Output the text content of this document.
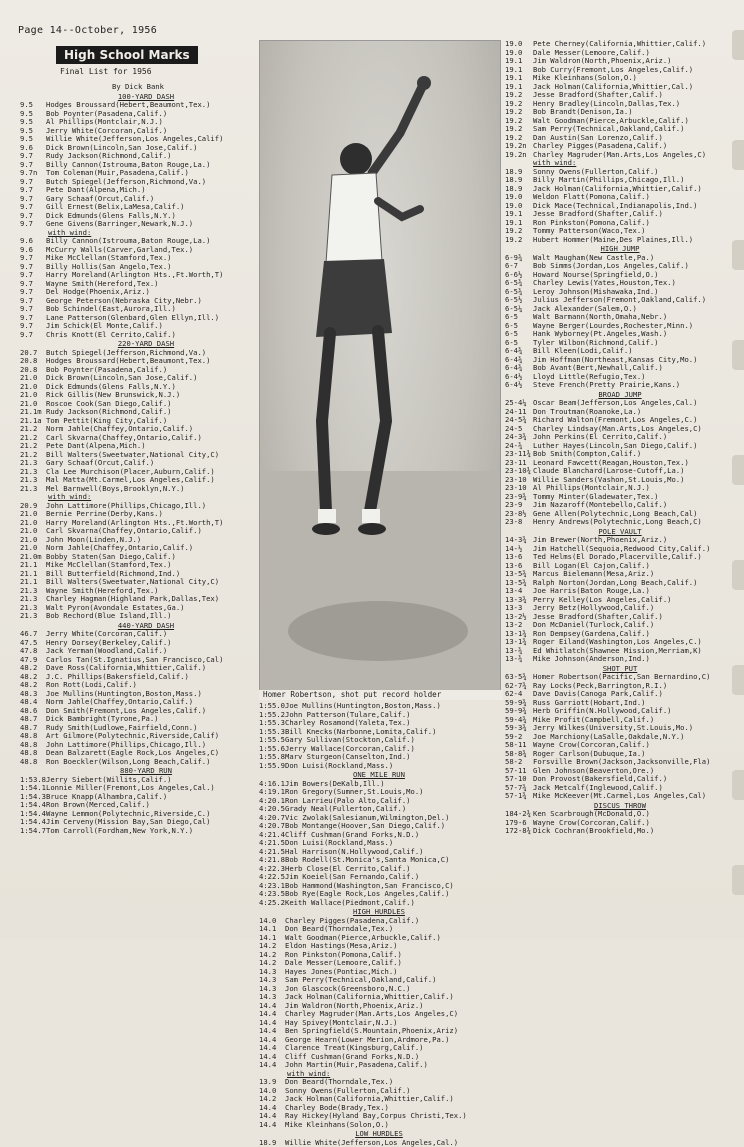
Page 14--October, 1956
High School Marks
Final List for 1956
By Dick Bank
100-YARD DASH
9.5 Hodges Broussard(Hebert,Beaumont,Tex.)
9.5 Bob Poynter(Pasadena,Calif.)
9.5 Al Phillips(Montclair,N.J.)
9.5 Jerry White(Corcoran,Calif.)
9.5 Willie White(Jefferson,Los Angeles,Calif)
9.6 Dick Brown(Lincoln,San Jose,Calif.)
9.7 Rudy Jackson(Richmond,Calif.)
9.7 Billy Cannon(Istrouma,Baton Rouge,La.)
9.7n Tom Coleman(Muir,Pasadena,Calif.)
9.7 Butch Spiegel(Jefferson,Richmond,Va.)
9.7 Pete Dant(Alpena,Mich.)
9.7 Gary Schaaf(Orcut,Calif.)
9.7 Gill Ernest(Belix,LaMesa,Calif.)
9.7 Dick Edmunds(Glens Falls,N.Y.)
9.7 Gene Givens(Barringer,Newark,N.J.)
with wind:
9.6 Billy Cannon(Istrouma,Baton Rouge,La.)
9.6 McCurry Walls(Carver,Garland,Tex.)
9.7 Mike McClellan(Stamford,Tex.)
9.7 Billy Hollis(San Angelo,Tex.)
9.7 Harry Moreland(Arlington Hts.,Ft.Worth,T)
9.7 Wayne Smith(Hereford,Tex.)
9.7 Del Hodge(Phoenix,Ariz.)
9.7 George Peterson(Nebraska City,Nebr.)
9.7 Bob Schindel(East,Aurora,Ill.)
9.7 Lane Patterson(Glenbard,Glen Ellyn,Ill.)
9.7 Jim Schick(El Monte,Calif.)
9.7 Chris Knott(El Cerrito,Calif.)
220-YARD DASH
20.7 Butch Spiegel(Jefferson,Richmond,Va.)
20.8 Hodges Broussard(Hebert,Beaumont,Tex.)
20.8 Bob Poynter(Pasadena,Calif.)
21.0 Dick Brown(Lincoln,San Jose,Calif.)
21.0 Dick Edmunds(Glens Falls,N.Y.)
21.0 Rick Gillis(New Brunswick,N.J.)
21.0 Roscoe Cook(San Diego,Calif.)
21.1m Rudy Jackson(Richmond,Calif.)
21.1a Tom Pettit(King City,Calif.)
21.2 Norm Jahle(Chaffey,Ontario,Calif.)
21.2 Carl Skvarna(Chaffey,Ontario,Calif.)
21.2 Pete Dant(Alpena,Mich.)
21.2 Bill Walters(Sweetwater,National City,C)
21.3 Gary Schaaf(Orcut,Calif.)
21.3 Cla Lee Murchison(Placer,Auburn,Calif.)
21.3 Mal Matta(Mt.Carmel,Los Angeles,Calif.)
21.3 Mel Barnwell(Boys,Brooklyn,N.Y.)
with wind:
20.9 John Lattimore(Phillips,Chicago,Ill.)
21.0 Bernie Perrine(Derby,Kans.)
21.0 Harry Moreland(Arlington Hts.,Ft.Worth,T)
21.0 Carl Skvarna(Chaffey,Ontario,Calif.)
21.0 John Moon(Linden,N.J.)
21.0 Norm Jahle(Chaffey,Ontario,Calif.)
21.0m Bobby Staten(San Diego,Calif.)
21.1 Mike McClellan(Stamford,Tex.)
21.1 Bill Butterfield(Richmond,Ind.)
21.1 Bill Walters(Sweetwater,National City,C)
21.3 Wayne Smith(Hereford,Tex.)
21.3 Charley Hagman(Highland Park,Dallas,Tex)
21.3 Walt Pyron(Avondale Estates,Ga.)
21.3 Bob Rechord(Blue Island,Ill.)
440-YARD DASH
46.7 Jerry White(Corcoran,Calif.)
47.5 Henry Dorsey(Berkeley,Calif.)
47.8 Jack Yerman(Woodland,Calif.)
47.9 Carlos Tan(St.Ignatius,San Francisco,Cal)
48.2 Dave Ross(California,Whittier,Calif.)
48.2 J.C. Phillips(Bakersfield,Calif.)
48.2 Ron Rott(Lodi,Calif.)
48.3 Joe Mullins(Huntington,Boston,Mass.)
48.4 Norm Jahle(Chaffey,Ontario,Calif.)
48.6 Don Smith(Fremont,Los Angeles,Calif.)
48.7 Dick Bambright(Tyrone,Pa.)
48.7 Rudy Smith(Ludlowe,Fairfield,Conn.)
48.8 Art Gilmore(Polytechnic,Riverside,Calif)
48.8 John Lattimore(Phillips,Chicago,Ill.)
48.8 Dean Balzarett(Eagle Rock,Los Angeles,C)
48.8 Ron Boeckler(Wilson,Long Beach,Calif.)
880-YARD RUN
1:53.8Jerry Siebert(Willits,Calif.)
1:54.1Lonnie Miller(Fremont,Los Angeles,Cal.)
1:54.3Bruce Knapp(Alhambra,Calif.)
1:54.4Ron Brown(Merced,Calif.)
1:54.4Wayne Lemmon(Polytechnic,Riverside,C.)
1:54.4Jim Cerveny(Mission Bay,San Diego,Cal)
1:54.7Tom Carroll(Fordham,New York,N.Y.)
Homer Robertson, shot put record holder
1:55.0Joe Mullins(Huntington,Boston,Mass.)
1:55.2John Patterson(Tulare,Calif.)
1:55.3Charley Rosamond(Yaleta,Tex.)
1:55.3Bill Knecks(Narbonne,Lomita,Calif.)
1:55.5Gary Sullivan(Stockton,Calif.)
1:55.6Jerry Wallace(Corcoran,Calif.)
1:55.8Marv Sturgeon(Canselton,Ind.)
1:55.9Don Luisi(Rockland,Mass.)
ONE MILE RUN
4:16.1Jim Bowers(DeKalb,Ill.)
4:19.1Ron Gregory(Sumner,St.Louis,Mo.)
4:20.1Ron Larrieu(Palo Alto,Calif.)
4:20.5Grady Neal(Fullerton,Calif.)
4:20.7Vic Zwolak(Salesianum,Wilmington,Del.)
4:20.7Bob Montange(Hoover,San Diego,Calif.)
4:21.4Cliff Cushman(Grand Forks,N.D.)
4:21.5Don Luisi(Rockland,Mass.)
4:21.5Hal Harrison(N.Hollywood,Calif.)
4:21.8Bob Rodell(St.Monica's,Santa Monica,C)
4:22.3Herb Close(El Cerrito,Calif.)
4:22.5Jim Koeiel(San Fernando,Calif.)
4:23.1Bob Hammond(Washington,San Francisco,C)
4:23.5Bob Rye(Eagle Rock,Los Angeles,Calif.)
4:25.2Keith Wallace(Piedmont,Calif.)
HIGH HURDLES
14.0 Charley Pigges(Pasadena,Calif.)
14.1 Don Beard(Thorndale,Tex.)
14.1 Walt Goodman(Pierce,Arbuckle,Calif.)
14.2 Eldon Hastings(Mesa,Ariz.)
14.2 Ron Pinkston(Pomona,Calif.)
14.2 Dale Messer(Lemoore,Calif.)
14.3 Hayes Jones(Pontiac,Mich.)
14.3 Sam Perry(Technical,Oakland,Calif.)
14.3 Jon Glascock(Greensboro,N.C.)
14.3 Jack Holman(California,Whittier,Calif.)
14.4 Jim Waldron(North,Phoenix,Ariz.)
14.4 Charley Magruder(Man.Arts,Los Angeles,C)
14.4 Hay Spivey(Montclair,N.J.)
14.4 Ben Springfield(S.Mountain,Phoenix,Ariz)
14.4 George Hearn(Lower Merion,Ardmore,Pa.)
14.4 Clarence Treat(Kingsburg,Calif.)
14.4 Cliff Cushman(Grand Forks,N.D.)
14.4 John Martin(Muir,Pasadena,Calif.)
with wind:
13.9 Don Beard(Thorndale,Tex.)
14.0 Sonny Owens(Fullerton,Calif.)
14.2 Jack Holman(California,Whittier,Calif.)
14.4 Charley Bode(Brady,Tex.)
14.4 Ray Hickey(Hyland Bay,Corpus Christi,Tex.)
14.4 Mike Kleinhans(Solon,O.)
LOW HURDLES
18.9 Willie White(Jefferson,Los Angeles,Cal.)
19.0 Pete Cherney(California,Whittier,Calif.)
19.0 Dale Messer(Lemoore,Calif.)
19.1 Jim Waldron(North,Phoenix,Ariz.)
19.1 Bob Curry(Fremont,Los Angeles,Calif.)
19.1 Mike Kleinhans(Solon,O.)
19.1 Jack Holman(California,Whittier,Cal.)
19.2 Jesse Bradford(Shafter,Calif.)
19.2 Henry Bradley(Lincoln,Dallas,Tex.)
19.2 Bob Brandt(Denison,Ia.)
19.2 Walt Goodman(Pierce,Arbuckle,Calif.)
19.2 Sam Perry(Technical,Oakland,Calif.)
19.2 Dan Austin(San Lorenzo,Calif.)
19.2n Charley Pigges(Pasadena,Calif.)
19.2n Charley Magruder(Man.Arts,Los Angeles,C)
with wind:
18.9 Sonny Owens(Fullerton,Calif.)
18.9 Billy Martin(Phillips,Chicago,Ill.)
18.9 Jack Holman(California,Whittier,Calif.)
19.0 Weldon Flatt(Pomona,Calif.)
19.0 Dick Mace(Technical,Indianapolis,Ind.)
19.1 Jesse Bradford(Shafter,Calif.)
19.1 Ron Pinkston(Pomona,Calif.)
19.2 Tommy Patterson(Waco,Tex.)
19.2 Hubert Hommer(Maine,Des Plaines,Ill.)
HIGH JUMP
6-9¾ Walt Maugham(New Castle,Pa.)
6-7 Bob Simms(Jordan,Los Angeles,Calif.)
6-6½ Howard Nourse(Springfield,O.)
6-5¾ Charley Lewis(Yates,Houston,Tex.)
6-5¾ Leroy Johnson(Mishawaka,Ind.)
6-5½ Julius Jefferson(Fremont,Oakland,Calif.)
6-5¼ Jack Alexander(Salem,O.)
6-5 Walt Barmann(North,Omaha,Nebr.)
6-5 Wayne Berger(Lourdes,Rochester,Minn.)
6-5 Hank Wyborney(Pt.Angeles,Wash.)
6-5 Tyler Wilbon(Richmond,Calif.)
6-4¾ Bill Kleen(Lodi,Calif.)
6-4¾ Jim Hoffman(Northeast,Kansas City,Mo.)
6-4¾ Bob Avant(Bert,Newhall,Calif.)
6-4½ Lloyd Little(Refugio,Tex.)
6-4½ Steve French(Pretty Prairie,Kans.)
BROAD JUMP
25-4¼ Oscar Beam(Jefferson,Los Angeles,Cal.)
24-11 Don Troutman(Roanoke,La.)
24-5¾ Richard Walton(Fremont,Los Angeles,C.)
24-5 Charley Lindsay(Man.Arts,Los Angeles,C)
24-3¾ John Perkins(El Cerrito,Calif.)
24-¾ Luther Hayes(Lincoln,San Diego,Calif.)
23-11¾ Bob Smith(Compton,Calif.)
23-11 Leonard Fawcett(Reagan,Houston,Tex.)
23-10¾ Claude Blanchard(Larose-Cutoff,La.)
23-10 Willie Sanders(Vashon,St.Louis,Mo.)
23-10 Al Phillips(Montclair,N.J.)
23-9¾ Tommy Minter(Gladewater,Tex.)
23-9 Jim Nazaroff(Montebello,Calif.)
23-8½ Gene Allen(Polytechnic,Long Beach,Cal)
23-8 Henry Andrews(Polytechnic,Long Beach,C)
POLE VAULT
14-3¾ Jim Brewer(North,Phoenix,Ariz.)
14-½ Jim Hatchell(Sequoia,Redwood City,Calif.)
13-6 Ted Helms(El Dorado,Placerville,Calif.)
13-6 Bill Logan(El Cajon,Calif.)
13-5¾ Marcus Bielemann(Mesa,Ariz.)
13-5¾ Ralph Norton(Jordan,Long Beach,Calif.)
13-4 Joe Harris(Baton Rouge,La.)
13-3¾ Perry Kelley(Los Angeles,Calif.)
13-3 Jerry Betz(Hollywood,Calif.)
13-2½ Jesse Bradford(Shafter,Calif.)
13-2 Don McDaniel(Turlock,Calif.)
13-1¾ Ron Dempsey(Gardena,Calif.)
13-1¾ Roger Eiland(Washington,Los Angeles,C.)
13-¾ Ed Whitlatch(Shawnee Mission,Merriam,K)
13-¾ Mike Johnson(Anderson,Ind.)
SHOT PUT
63-5¾ Homer Robertson(Pacific,San Bernardino,C)
62-7¾ Ray Locks(Peck,Barrington,R.I.)
62-4 Dave Davis(Canoga Park,Calif.)
59-9¾ Russ Garriott(Hobart,Ind.)
59-9¾ Herb Griffin(N.Hollywood,Calif.)
59-4¾ Mike Profit(Campbell,Calif.)
59-3¾ Jerry Wilkes(University,St.Louis,Mo.)
59-2 Joe Marchiony(LaSalle,Oakdale,N.Y.)
58-11 Wayne Crow(Corcoran,Calif.)
58-8¾ Roger Carlson(Dubuque,Ia.)
58-2 Forsville Brown(Jackson,Jacksonville,Fla)
57-11 Glen Johnson(Beaverton,Ore.)
57-10 Don Provost(Bakersfield,Calif.)
57-7¾ Jack Metcalf(Inglewood,Calif.)
57-1¾ Mike McKeever(Mt.Carmel,Los Angeles,Cal)
DISCUS THROW
184-2¾ Ken Scarbrough(McDonald,O.)
179-6 Wayne Crow(Corcoran,Calif.)
172-8¾ Dick Cochran(Brookfield,Mo.)
